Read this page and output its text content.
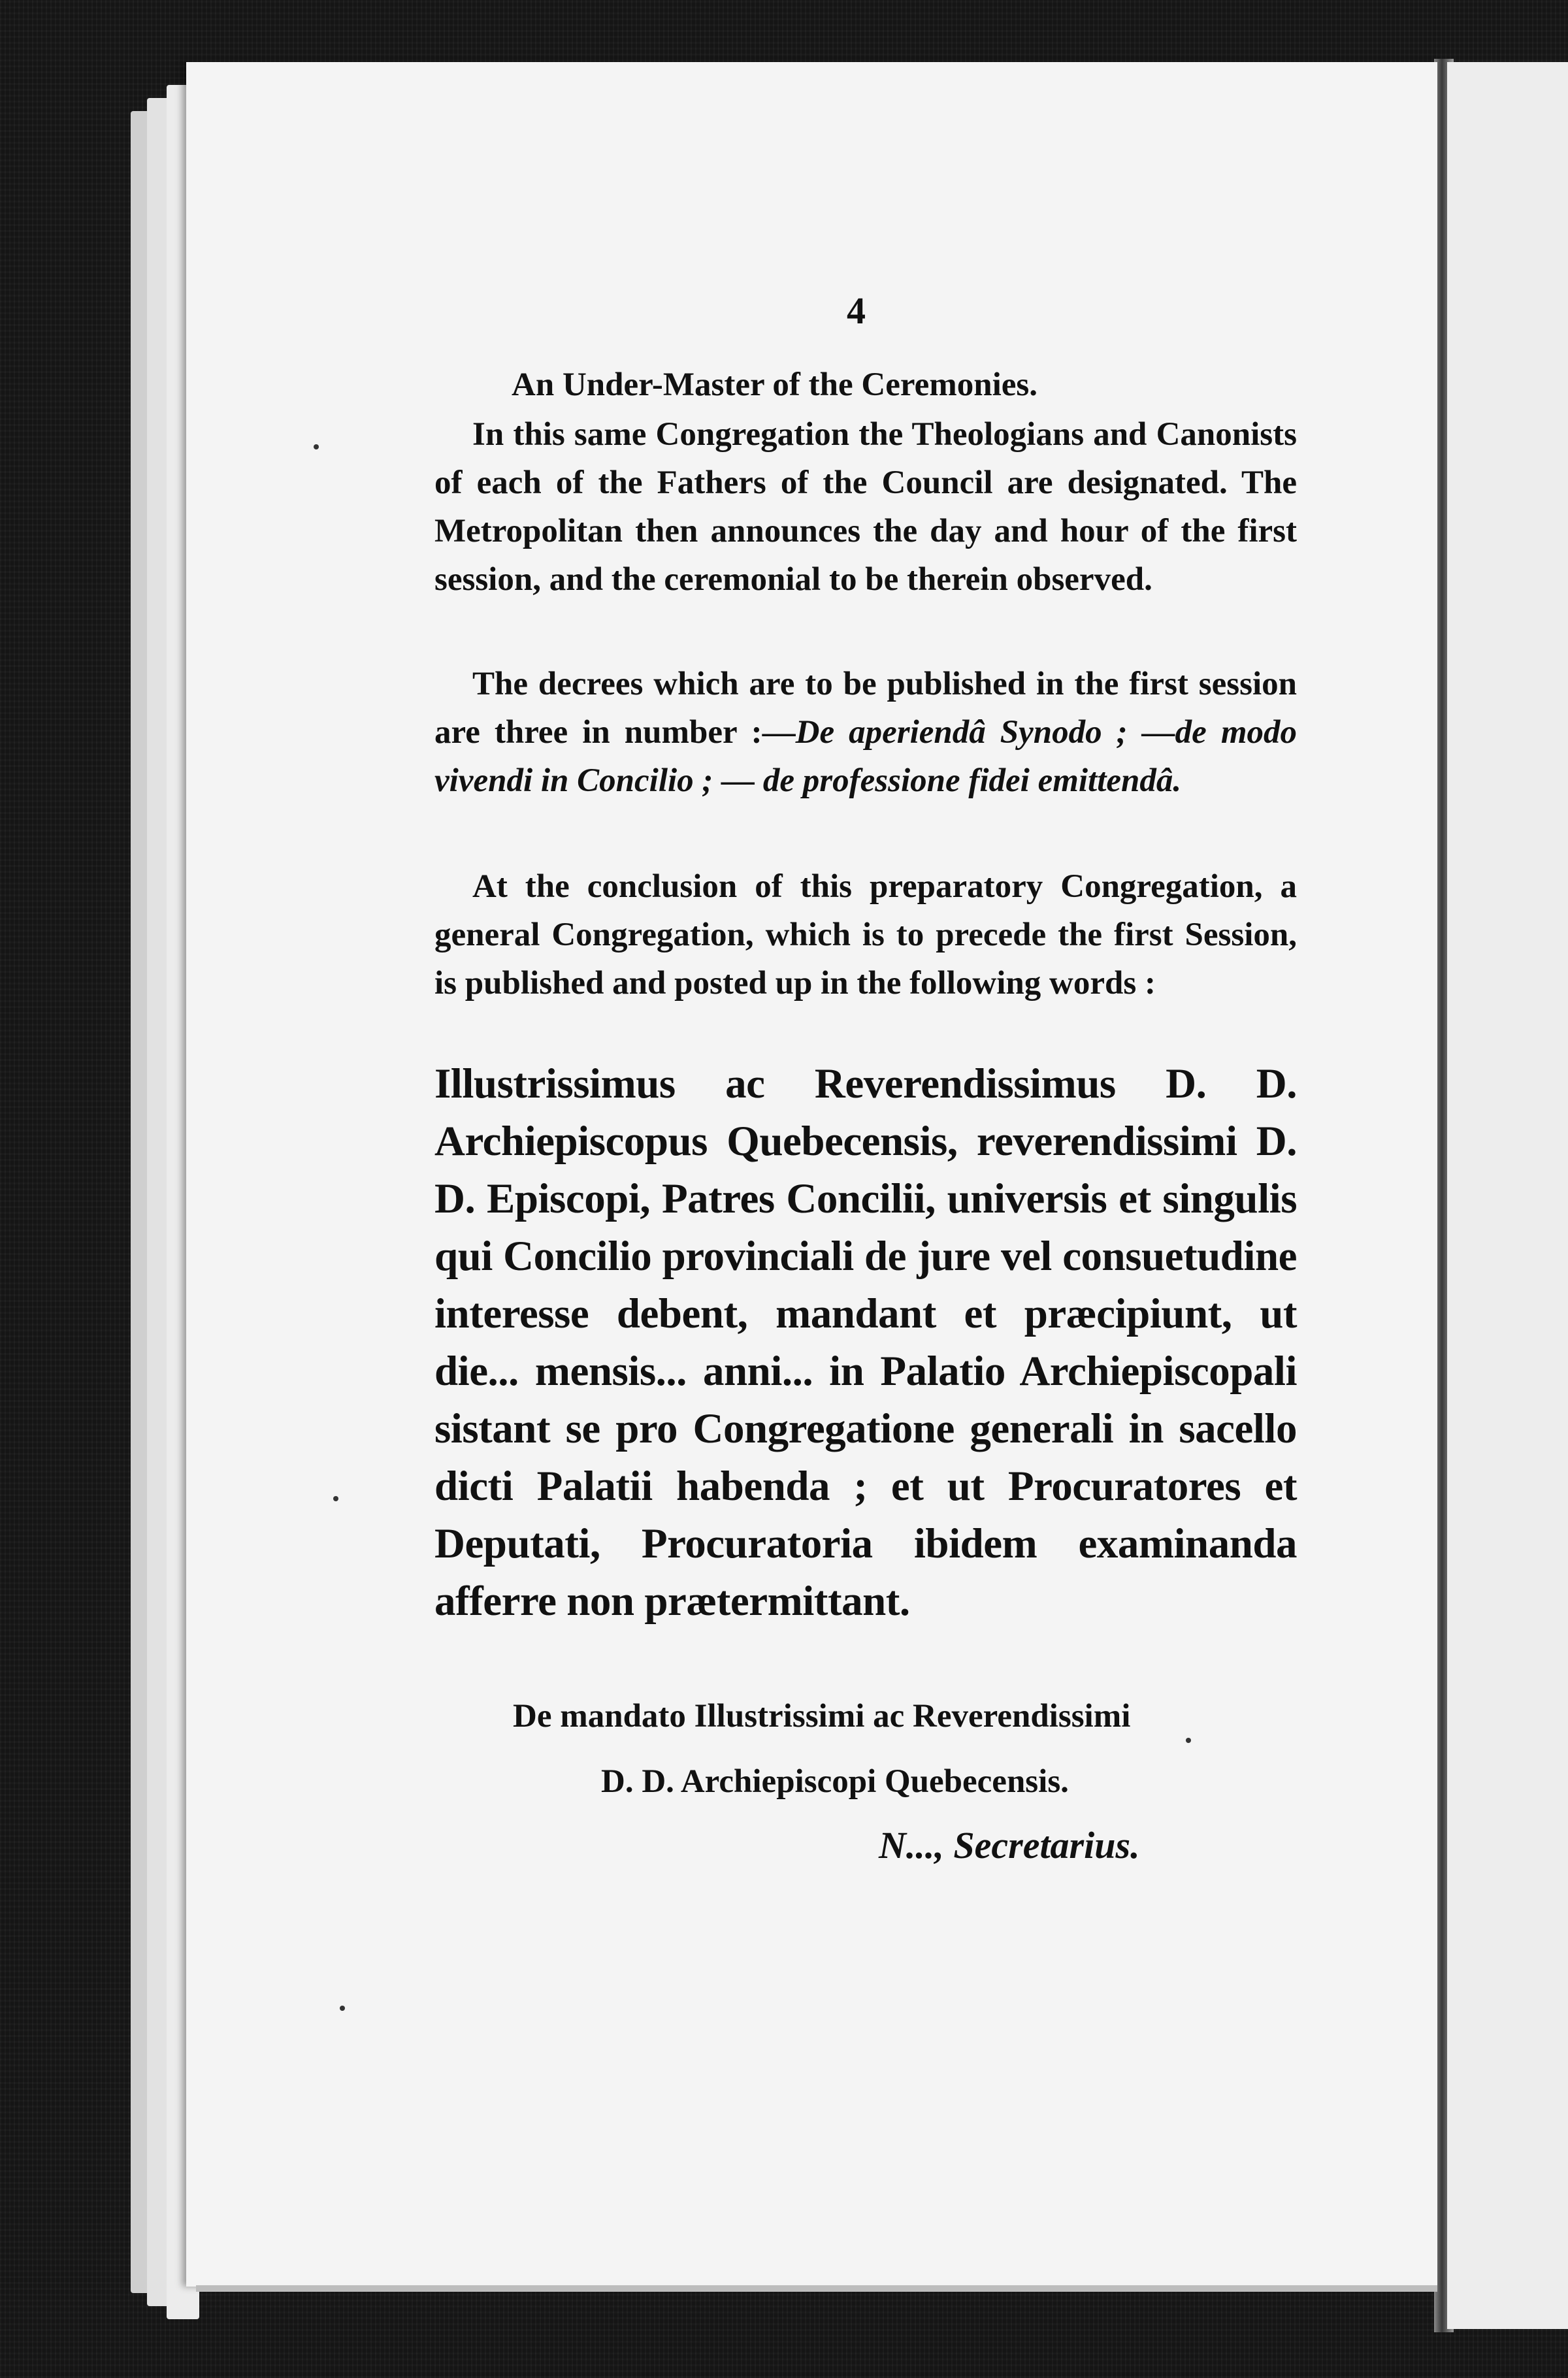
4
An Under-Master of the Ceremonies.

In this same Congregation the Theologians and Canonists of each of the Fathers of the Council are designated. The Metropolitan then announces the day and hour of the first session, and the ceremonial to be therein observed.

The decrees which are to be published in the first session are three in number :—De aperiendâ Synodo ; —de modo vivendi in Concilio ; — de professione fidei emittendâ.

At the conclusion of this preparatory Congregation, a general Congregation, which is to precede the first Session, is published and posted up in the following words :

Illustrissimus ac Reverendissimus D. D. Archiepiscopus Quebecensis, reverendissimi D. D. Episcopi, Patres Concilii, universis et singulis qui Concilio provinciali de jure vel consuetudine interesse debent, mandant et præcipiunt, ut die... mensis... anni... in Palatio Archiepiscopali sistant se pro Congregatione generali in sacello dicti Palatii habenda ; et ut Procuratores et Deputati, Procuratoria ibidem examinanda afferre non prætermittant.
De mandato Illustrissimi ac Reverendissimi
D. D. Archiepiscopi Quebecensis.
N..., Secretarius.
